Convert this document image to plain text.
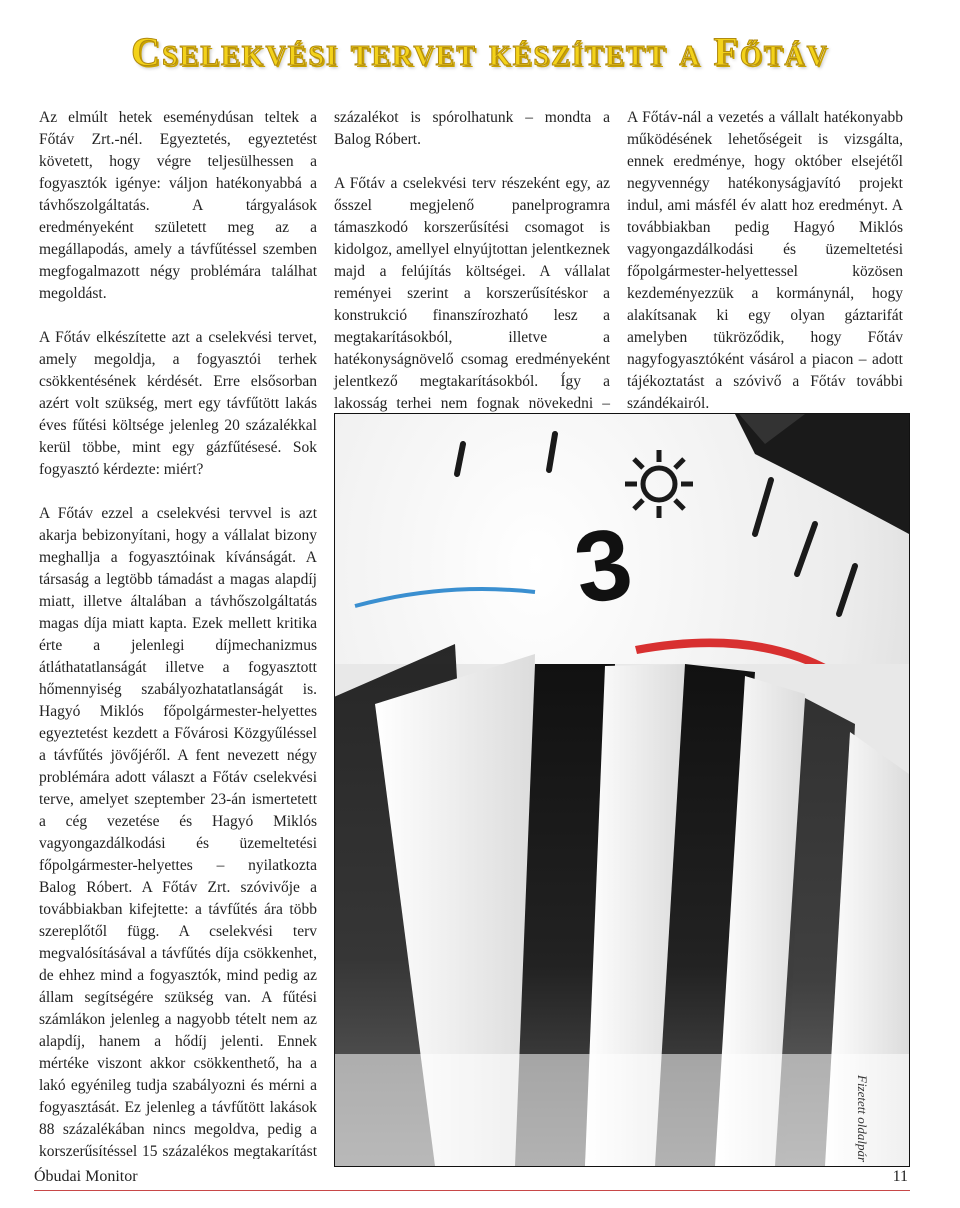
Cselekvési tervet készített a Főtáv

Az elmúlt hetek eseménydúsan teltek a Főtáv Zrt.-nél. Egyeztetés, egyeztetést követett, hogy végre teljesülhessen a fogyasztók igénye: váljon hatékonyabbá a távhőszolgáltatás. A tárgyalások eredményeként született meg az a megállapodás, amely a távfűtéssel szemben megfogalmazott négy problémára találhat megoldást.

A Főtáv elkészítette azt a cselekvési tervet, amely megoldja, a fogyasztói terhek csökkentésének kérdését. Erre elsősorban azért volt szükség, mert egy távfűtött lakás éves fűtési költsége jelenleg 20 százalékkal kerül többe, mint egy gázfűtésesé. Sok fogyasztó kérdezte: miért?

A Főtáv ezzel a cselekvési tervvel is azt akarja bebizonyítani, hogy a vállalat bizony meghallja a fogyasztóinak kívánságát. A társaság a legtöbb támadást a magas alapdíj miatt, illetve általában a távhőszolgáltatás magas díja miatt kapta. Ezek mellett kritika érte a jelenlegi díjmechanizmus átláthatatlanságát illetve a fogyasztott hőmennyiség szabályozhatatlanságát is. Hagyó Miklós főpolgármester-helyettes egyeztetést kezdett a Fővárosi Közgyűléssel a távfűtés jövőjéről. A fent nevezett négy problémára adott választ a Főtáv cselekvési terve, amelyet szeptember 23-án ismertetett a cég vezetése és Hagyó Miklós vagyongazdálkodási és üzemeltetési főpolgármester-helyettes – nyilatkozta Balog Róbert. A Főtáv Zrt. szóvivője a továbbiakban kifejtette: a távfűtés ára több szereplőtől függ. A cselekvési terv megvalósításával a távfűtés díja csökkenhet, de ehhez mind a fogyasztók, mind pedig az állam segítségére szükség van. A fűtési számlákon jelenleg a nagyobb tételt nem az alapdíj, hanem a hődíj jelenti. Ennek mértéke viszont akkor csökkenthető, ha a lakó egyénileg tudja szabályozni és mérni a fogyasztását. Ez jelenleg a távfűtött lakások 88 százalékában nincs megoldva, pedig a korszerűsítéssel 15 százalékos megtakarítást

százalékot is spórolhatunk – mondta a Balog Róbert.

A Főtáv a cselekvési terv részeként egy, az ősszel megjelenő panelprogramra támaszkodó korszerűsítési csomagot is kidolgoz, amellyel elnyújtottan jelentkeznek majd a felújítás költségei. A vállalat reményei szerint a korszerűsítéskor a konstrukció finanszírozható lesz a megtakarításokból, illetve a hatékonyságnövelő csomag eredményeként jelentkező megtakarításokból. Így a lakosság terhei nem fognak növekedni –

A Főtáv-nál a vezetés a vállalt hatékonyabb működésének lehetőségeit is vizsgálta, ennek eredménye, hogy október elsejétől negyvennégy hatékonyságjavító projekt indul, ami másfél év alatt hoz eredményt. A továbbiakban pedig Hagyó Miklós vagyongazdálkodási és üzemeltetési főpolgármester-helyettessel közösen kezdeményezzük a kormánynál, hogy alakítsanak ki egy olyan gáztarifát amelyben tükröződik, hogy Főtáv nagyfogyasztóként vásárol a piacon – adott tájékoztatást a szóvivő a Főtáv további szándékairól.

3
Fizetett oldalpár
Óbudai Monitor	11
